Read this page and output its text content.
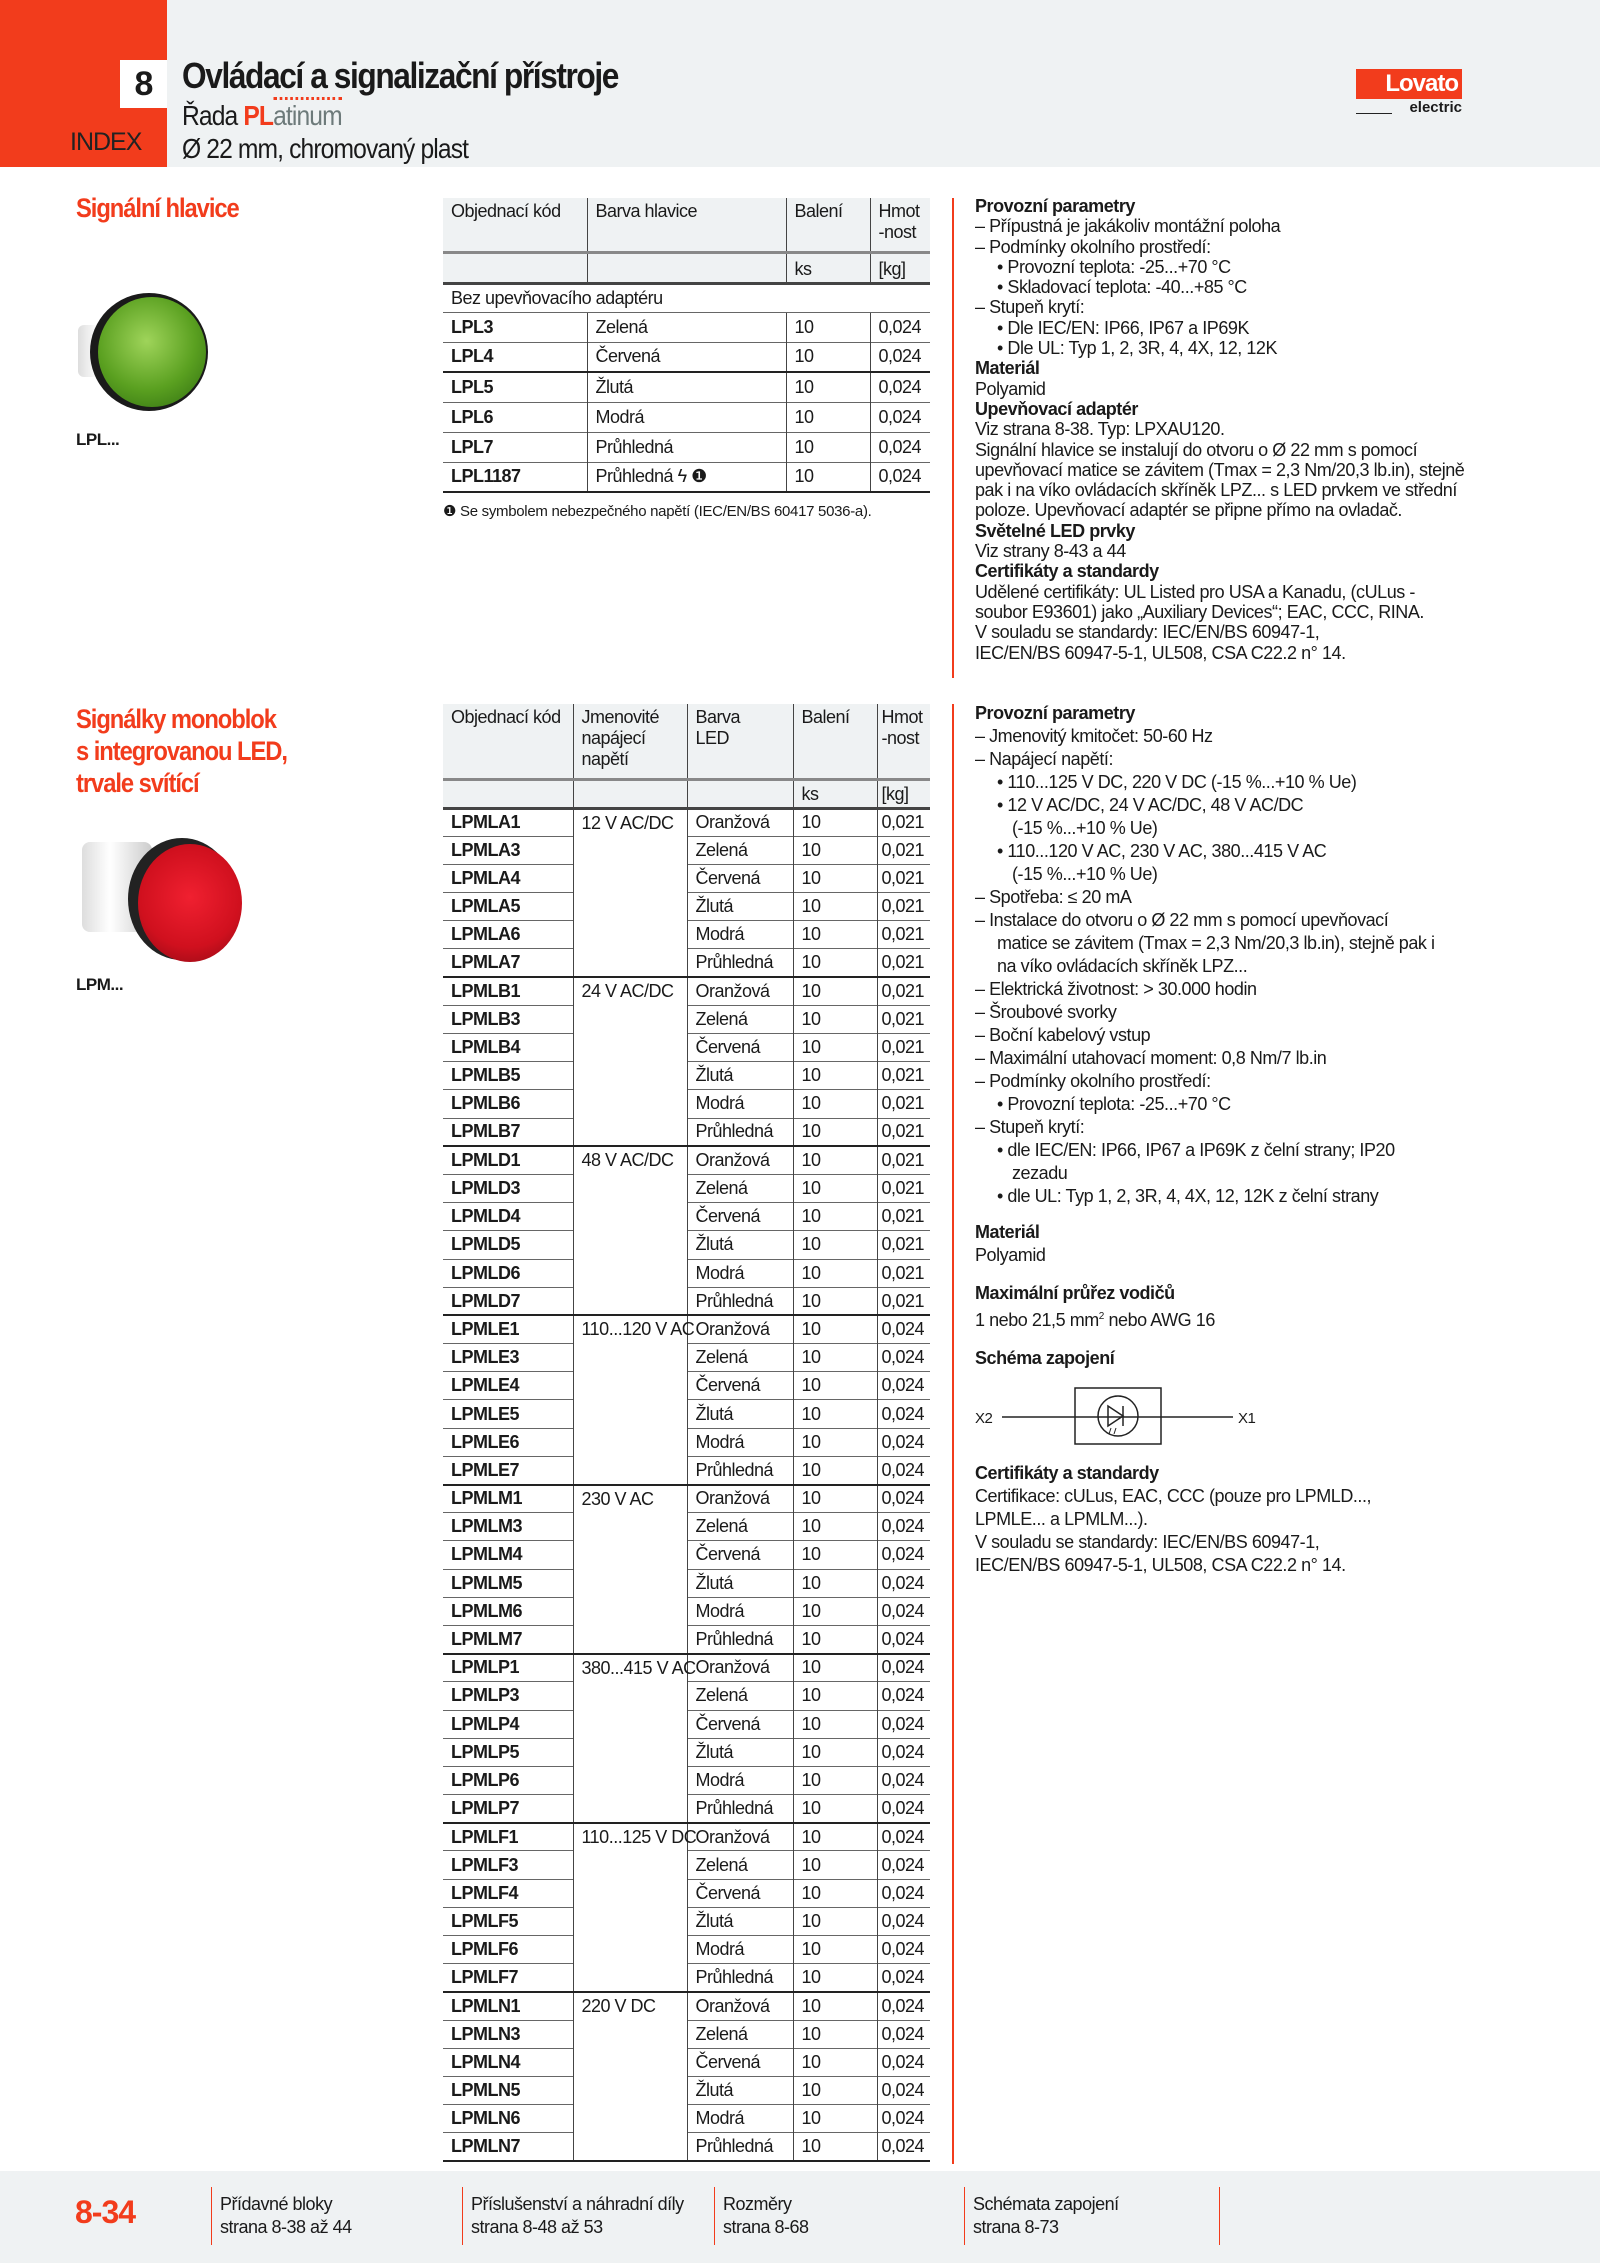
8
INDEX
Ovládací a signalizační přístroje
Řada PLatinum
Ø 22 mm, chromovaný plast
Lovato
electric
Signální hlavice
LPL...
Objednací kód	Barva hlavice	Balení	Hmot-nost
		ks	[kg]
Bez upevňovacího adaptéru			
LPL3	Zelená	10	0,024
LPL4	Červená	10	0,024
LPL5	Žlutá	10	0,024
LPL6	Modrá	10	0,024
LPL7	Průhledná	10	0,024
LPL1187	Průhledná ϟ ❶	10	0,024
❶ Se symbolem nebezpečného napětí (IEC/EN/BS 60417 5036-a).
Provozní parametry
– Přípustná je jakákoliv montážní poloha
– Podmínky okolního prostředí:
• Provozní teplota: -25...+70 °C
• Skladovací teplota: -40...+85 °C
– Stupeň krytí:
• Dle IEC/EN: IP66, IP67 a IP69K
• Dle UL: Typ 1, 2, 3R, 4, 4X, 12, 12K
Materiál
Polyamid
Upevňovací adaptér
Viz strana 8-38. Typ: LPXAU120.
Signální hlavice se instalují do otvoru o Ø 22 mm s pomocí
upevňovací matice se závitem (Tmax = 2,3 Nm/20,3 lb.in), stejně
pak i na víko ovládacích skříněk LPZ... s LED prvkem ve střední
poloze. Upevňovací adaptér se připne přímo na ovladač.
Světelné LED prvky
Viz strany 8-43 a 44
Certifikáty a standardy
Udělené certifikáty: UL Listed pro USA a Kanadu, (cULus -
soubor E93601) jako „Auxiliary Devices“; EAC, CCC, RINA.
V souladu se standardy: IEC/EN/BS 60947-1,
IEC/EN/BS 60947-5-1, UL508, CSA C22.2 n° 14.
Signálky monoblok
s integrovanou LED,
trvale svítící
LPM...
Objednací kód	Jmenovité napájecí napětí	Barva LED	Balení	Hmot-nost
			ks	[kg]
LPMLA1	12 V AC/DC	Oranžová	10	0,021
LPMLA3		Zelená	10	0,021
LPMLA4		Červená	10	0,021
LPMLA5		Žlutá	10	0,021
LPMLA6		Modrá	10	0,021
LPMLA7		Průhledná	10	0,021
LPMLB1	24 V AC/DC	Oranžová	10	0,021
LPMLB3		Zelená	10	0,021
LPMLB4		Červená	10	0,021
LPMLB5		Žlutá	10	0,021
LPMLB6		Modrá	10	0,021
LPMLB7		Průhledná	10	0,021
LPMLD1	48 V AC/DC	Oranžová	10	0,021
LPMLD3		Zelená	10	0,021
LPMLD4		Červená	10	0,021
LPMLD5		Žlutá	10	0,021
LPMLD6		Modrá	10	0,021
LPMLD7		Průhledná	10	0,021
LPMLE1	110...120 V AC	Oranžová	10	0,024
LPMLE3		Zelená	10	0,024
LPMLE4		Červená	10	0,024
LPMLE5		Žlutá	10	0,024
LPMLE6		Modrá	10	0,024
LPMLE7		Průhledná	10	0,024
LPMLM1	230 V AC	Oranžová	10	0,024
LPMLM3		Zelená	10	0,024
LPMLM4		Červená	10	0,024
LPMLM5		Žlutá	10	0,024
LPMLM6		Modrá	10	0,024
LPMLM7		Průhledná	10	0,024
LPMLP1	380...415 V AC	Oranžová	10	0,024
LPMLP3		Zelená	10	0,024
LPMLP4		Červená	10	0,024
LPMLP5		Žlutá	10	0,024
LPMLP6		Modrá	10	0,024
LPMLP7		Průhledná	10	0,024
LPMLF1	110...125 V DC	Oranžová	10	0,024
LPMLF3		Zelená	10	0,024
LPMLF4		Červená	10	0,024
LPMLF5		Žlutá	10	0,024
LPMLF6		Modrá	10	0,024
LPMLF7		Průhledná	10	0,024
LPMLN1	220 V DC	Oranžová	10	0,024
LPMLN3		Zelená	10	0,024
LPMLN4		Červená	10	0,024
LPMLN5		Žlutá	10	0,024
LPMLN6		Modrá	10	0,024
LPMLN7		Průhledná	10	0,024
Provozní parametry
– Jmenovitý kmitočet: 50-60 Hz
– Napájecí napětí:
• 110...125 V DC, 220 V DC (-15 %...+10 % Ue)
• 12 V AC/DC, 24 V AC/DC, 48 V AC/DC
(-15 %...+10 % Ue)
• 110...120 V AC, 230 V AC, 380...415 V AC
(-15 %...+10 % Ue)
– Spotřeba: ≤ 20 mA
– Instalace do otvoru o Ø 22 mm s pomocí upevňovací
matice se závitem (Tmax = 2,3 Nm/20,3 lb.in), stejně pak i
na víko ovládacích skříněk LPZ...
– Elektrická životnost: > 30.000 hodin
– Šroubové svorky
– Boční kabelový vstup
– Maximální utahovací moment: 0,8 Nm/7 lb.in
– Podmínky okolního prostředí:
• Provozní teplota: -25...+70 °C
– Stupeň krytí:
• dle IEC/EN: IP66, IP67 a IP69K z čelní strany; IP20
zezadu
• dle UL: Typ 1, 2, 3R, 4, 4X, 12, 12K z čelní strany
Materiál
Polyamid
Maximální průřez vodičů
1 nebo 21,5 $mm^2$ nebo AWG 16
Schéma zapojení
X2	X1
Certifikáty a standardy
Certifikace: cULus, EAC, CCC (pouze pro LPMLD...,
LPMLE... a LPMLM...).
V souladu se standardy: IEC/EN/BS 60947-1,
IEC/EN/BS 60947-5-1, UL508, CSA C22.2 n° 14.
8-34	Přídavné bloky
strana 8-38 až 44
Příslušenství a náhradní díly
strana 8-48 až 53
Rozměry
strana 8-68
Schémata zapojení
strana 8-73
